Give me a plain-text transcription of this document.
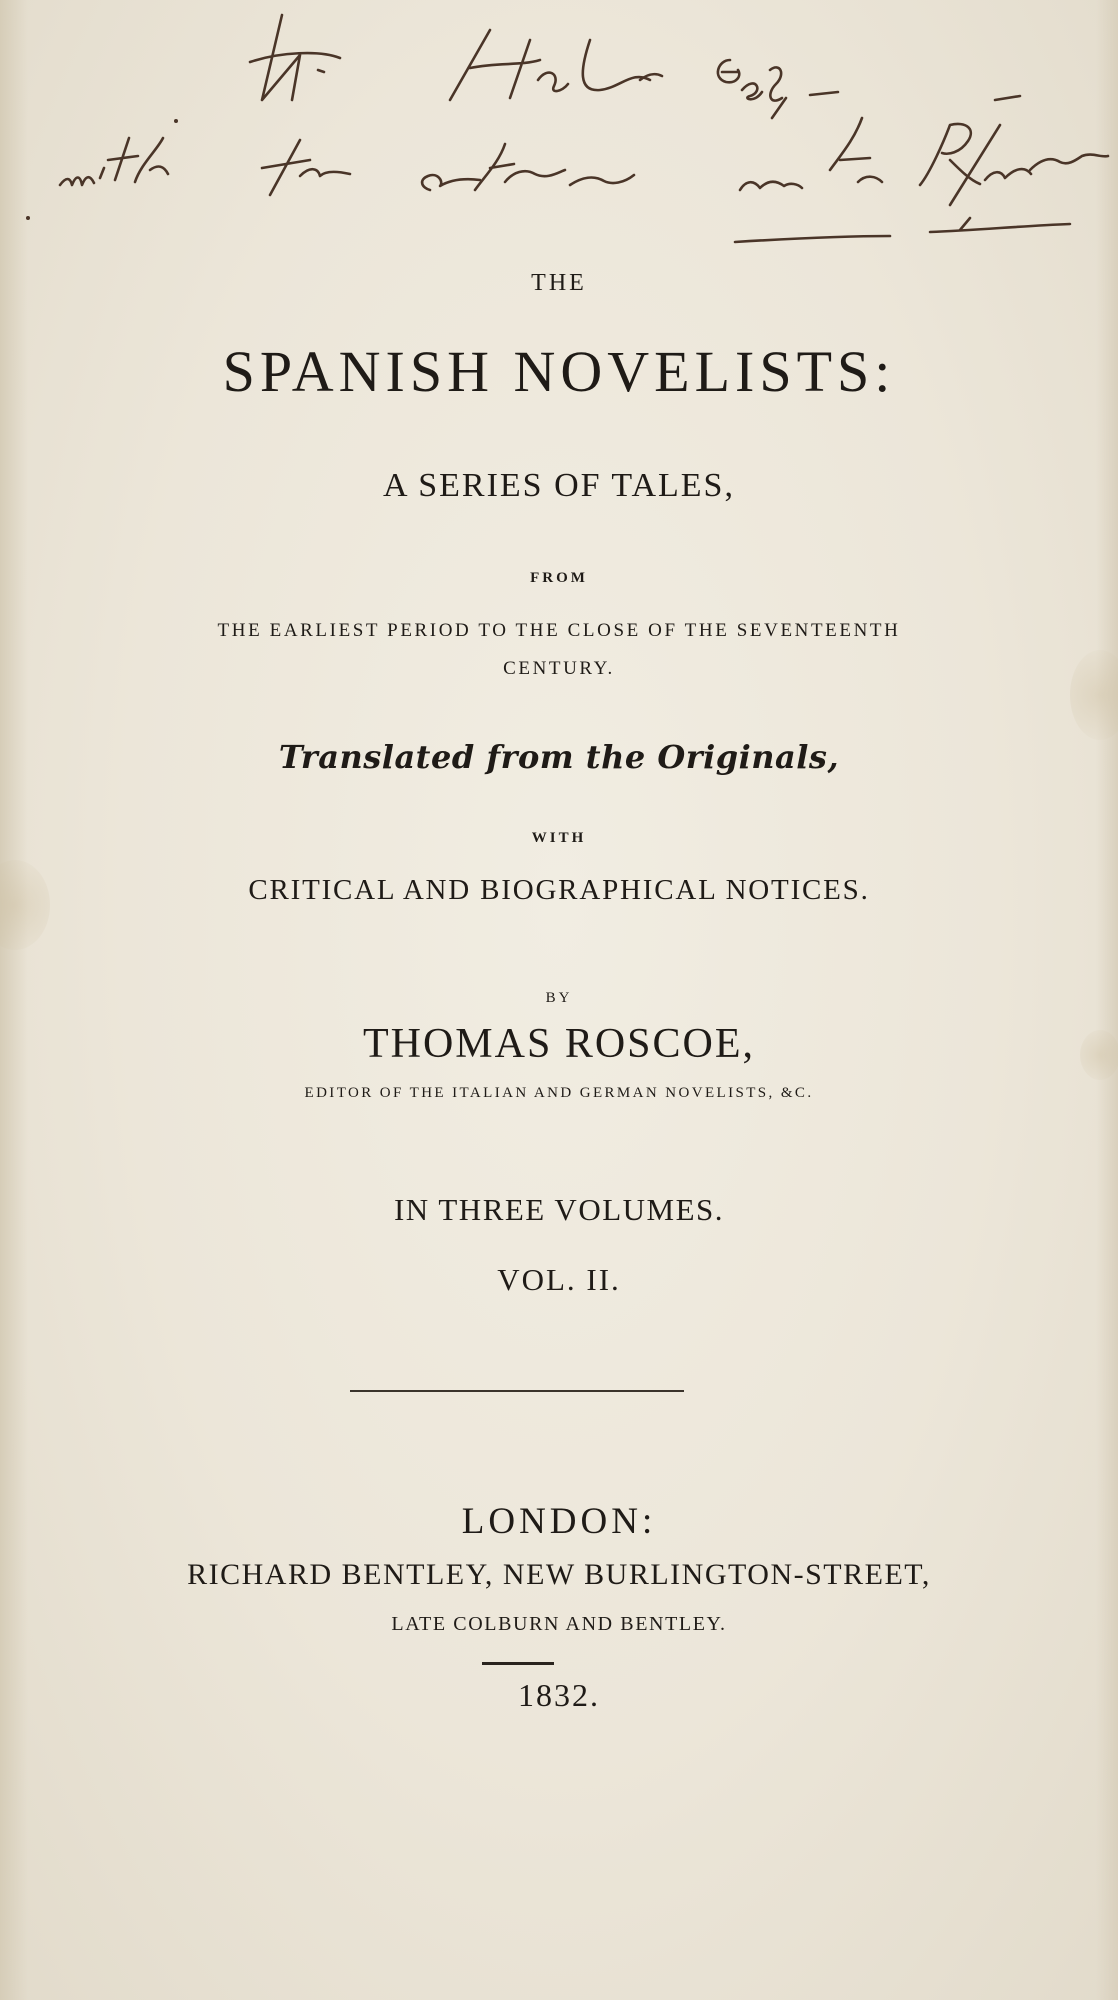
THE
SPANISH NOVELISTS:
A SERIES OF TALES,
FROM
THE EARLIEST PERIOD TO THE CLOSE OF THE SEVENTEENTH
CENTURY.
Translated from the Originals,
WITH
CRITICAL AND BIOGRAPHICAL NOTICES.
BY
THOMAS ROSCOE,
EDITOR OF THE ITALIAN AND GERMAN NOVELISTS, &C.
IN THREE VOLUMES.
VOL. II.
LONDON:
RICHARD BENTLEY, NEW BURLINGTON-STREET,
LATE COLBURN AND BENTLEY.
1832.
